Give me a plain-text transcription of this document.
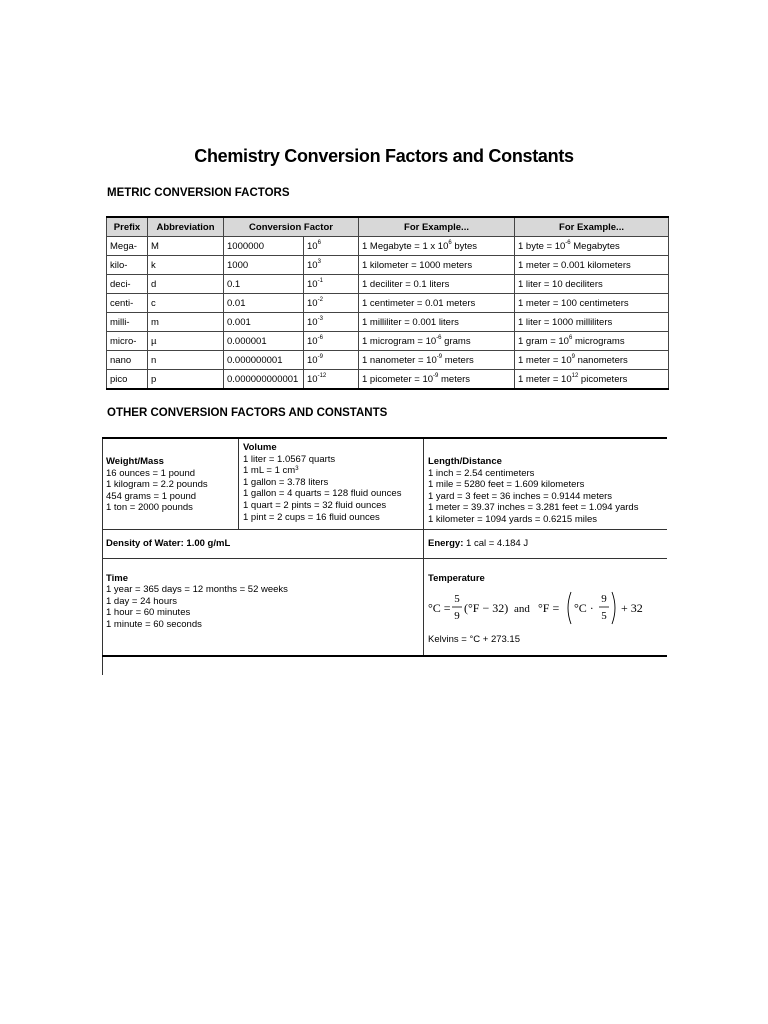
Chemistry Conversion Factors and Constants
METRIC CONVERSION FACTORS
Prefix	Abbreviation	Conversion Factor		For Example...	For Example...
Mega-	M	1000000	$10^6$	1 Megabyte = 1 x $10^6$ bytes	1 byte = $10^{-6}$ Megabytes
kilo-	k	1000	$10^3$	1 kilometer = 1000 meters	1 meter = 0.001 kilometers
deci-	d	0.1	$10^{-1}$	1 deciliter = 0.1 liters	1 liter = 10 deciliters
centi-	c	0.01	$10^{-2}$	1 centimeter = 0.01 meters	1 meter = 100 centimeters
milli-	m	0.001	$10^{-3}$	1 milliliter = 0.001 liters	1 liter = 1000 milliliters
micro-	µ	0.000001	$10^{-6}$	1 microgram = $10^{-6}$ grams	1 gram = $10^6$ micrograms
nano	n	0.000000001	$10^{-9}$	1 nanometer = $10^{-9}$ meters	1 meter = $10^9$ nanometers
pico	p	0.000000000001	$10^{-12}$	1 picometer = $10^{-9}$ meters	1 meter = $10^{12}$ picometers
OTHER CONVERSION FACTORS AND CONSTANTS
Weight/Mass
16 ounces = 1 pound
1 kilogram = 2.2 pounds
454 grams = 1 pound
1 ton = 2000 pounds
Volume
1 liter = 1.0567 quarts
1 mL = 1 $cm^3$
1 gallon = 3.78 liters
1 gallon = 4 quarts = 128 fluid ounces
1 quart = 2 pints = 32 fluid ounces
1 pint = 2 cups = 16 fluid ounces
Length/Distance
1 inch = 2.54 centimeters
1 mile = 5280 feet = 1.609 kilometers
1 yard = 3 feet = 36 inches = 0.9144 meters
1 meter = 39.37 inches = 3.281 feet = 1.094 yards
1 kilometer = 1094 yards = 0.6215 miles
Density of Water: 1.00 g/mL	Energy:
1 cal = 4.184 J
Time
1 year = 365 days = 12 months = 52 weeks
1 day = 24 hours
1 hour = 60 minutes
1 minute = 60 seconds
Temperature
°C =
5
9
(°F − 32) and °F = °C ·
9
5
+ 32
Kelvins = °C + 273.15
